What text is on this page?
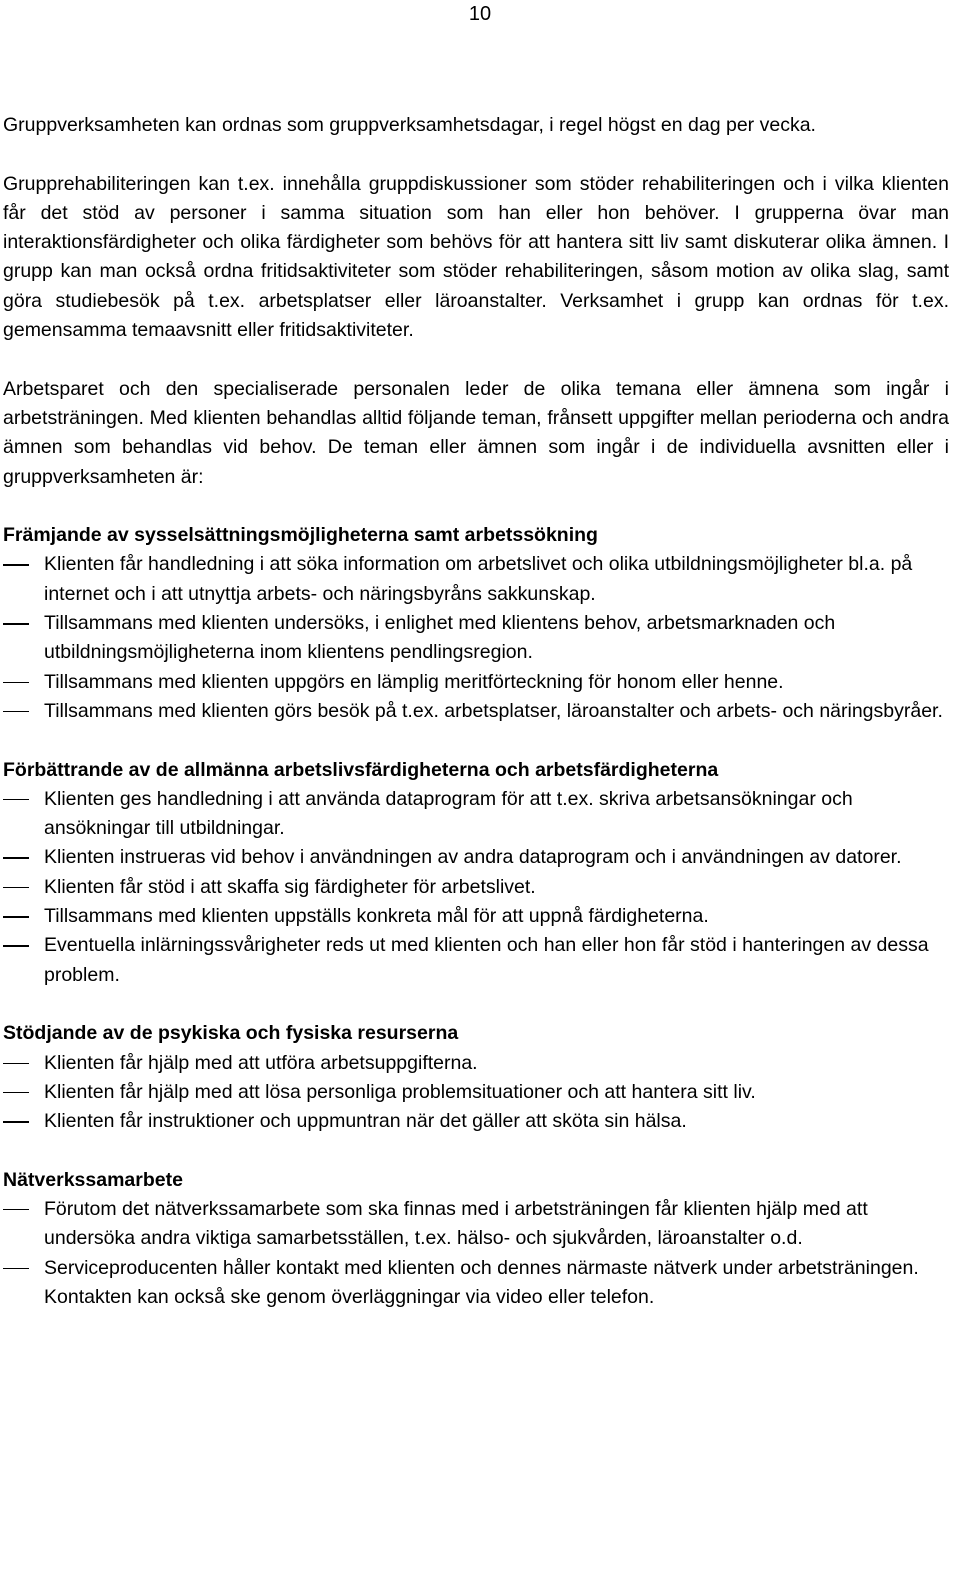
10

Gruppverksamheten kan ordnas som gruppverksamhetsdagar, i regel högst en dag per vecka.

Grupprehabiliteringen kan t.ex. innehålla gruppdiskussioner som stöder rehabiliteringen och i vilka klienten får det stöd av personer i samma situation som han eller hon behöver. I grupperna övar man interaktionsfärdigheter och olika färdigheter som behövs för att hantera sitt liv samt diskuterar olika ämnen. I grupp kan man också ordna fritidsaktiviteter som stöder rehabiliteringen, såsom motion av olika slag, samt göra studiebesök på t.ex. arbetsplatser eller läroanstalter. Verksamhet i grupp kan ordnas för t.ex. gemensamma temaavsnitt eller fritidsaktiviteter.

Arbetsparet och den specialiserade personalen leder de olika temana eller ämnena som ingår i arbetsträningen. Med klienten behandlas alltid följande teman, frånsett uppgifter mellan perioderna och andra ämnen som behandlas vid behov. De teman eller ämnen som ingår i de individuella avsnitten eller i gruppverksamheten är:

Främjande av sysselsättningsmöjligheterna samt arbetssökning
Klienten får handledning i att söka information om arbetslivet och olika utbildningsmöjligheter bl.a. på internet och i att utnyttja arbets- och näringsbyråns sakkunskap.
Tillsammans med klienten undersöks, i enlighet med klientens behov, arbetsmarknaden och utbildningsmöjligheterna inom klientens pendlingsregion.
Tillsammans med klienten uppgörs en lämplig meritförteckning för honom eller henne.
Tillsammans med klienten görs besök på t.ex. arbetsplatser, läroanstalter och arbets- och näringsbyråer.
Förbättrande av de allmänna arbetslivsfärdigheterna och arbetsfärdigheterna
Klienten ges handledning i att använda dataprogram för att t.ex. skriva arbetsansökningar och ansökningar till utbildningar.
Klienten instrueras vid behov i användningen av andra dataprogram och i användningen av datorer.
Klienten får stöd i att skaffa sig färdigheter för arbetslivet.
Tillsammans med klienten uppställs konkreta mål för att uppnå färdigheterna.
Eventuella inlärningssvårigheter reds ut med klienten och han eller hon får stöd i hanteringen av dessa problem.
Stödjande av de psykiska och fysiska resurserna
Klienten får hjälp med att utföra arbetsuppgifterna.
Klienten får hjälp med att lösa personliga problemsituationer och att hantera sitt liv.
Klienten får instruktioner och uppmuntran när det gäller att sköta sin hälsa.
Nätverkssamarbete
Förutom det nätverkssamarbete som ska finnas med i arbetsträningen får klienten hjälp med att undersöka andra viktiga samarbetsställen, t.ex. hälso- och sjukvården, läroanstalter o.d.
Serviceproducenten håller kontakt med klienten och dennes närmaste nätverk under arbetsträningen. Kontakten kan också ske genom överläggningar via video eller telefon.
